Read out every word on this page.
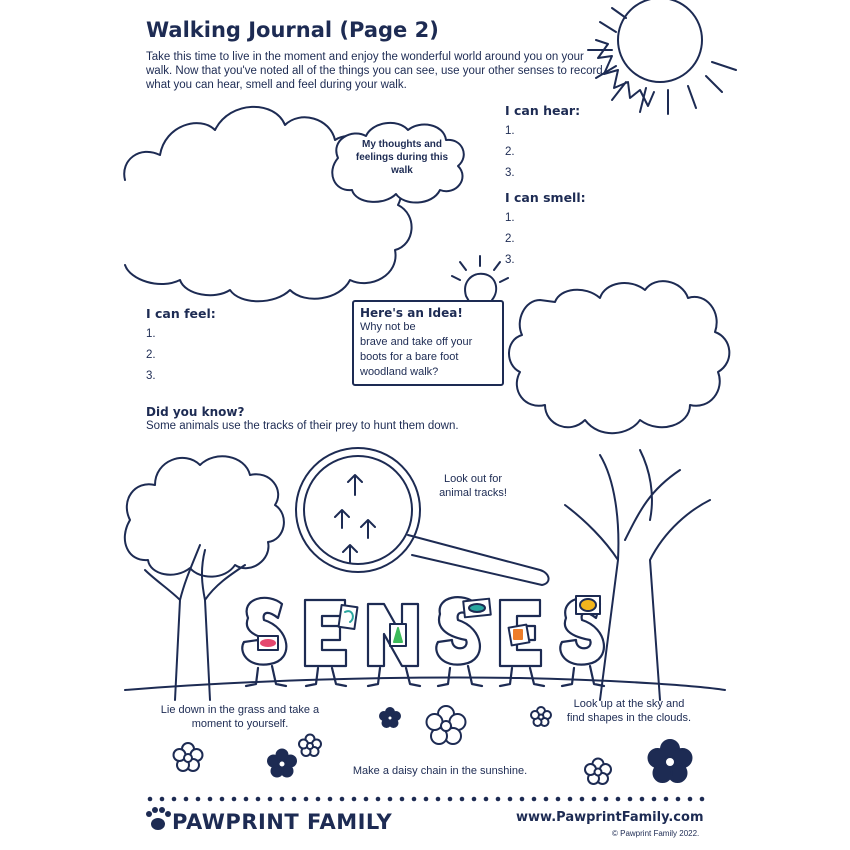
Walking Journal (Page 2)
Take this time to live in the moment and enjoy the wonderful world around you on your walk. Now that you've noted all of the things you can see, use your other senses to record what you can hear, smell and feel during your walk.
My thoughts and feelings during this walk
I can hear:
1.
2.
3.
I can smell:
1.
2.
3.
I can feel:
1.
2.
3.
Here's an Idea!
Why not be
brave and take off your
boots for a bare foot
woodland walk?
Did you know?
Some animals use the tracks of their prey to hunt them down.
Look out for animal tracks!
Lie down in the grass and take a moment to yourself.
Look up at the sky and find shapes in the clouds.
Make a daisy chain in the sunshine.
PAWPRINT FAMILY	www.PawprintFamily.com
© Pawprint Family 2022.
